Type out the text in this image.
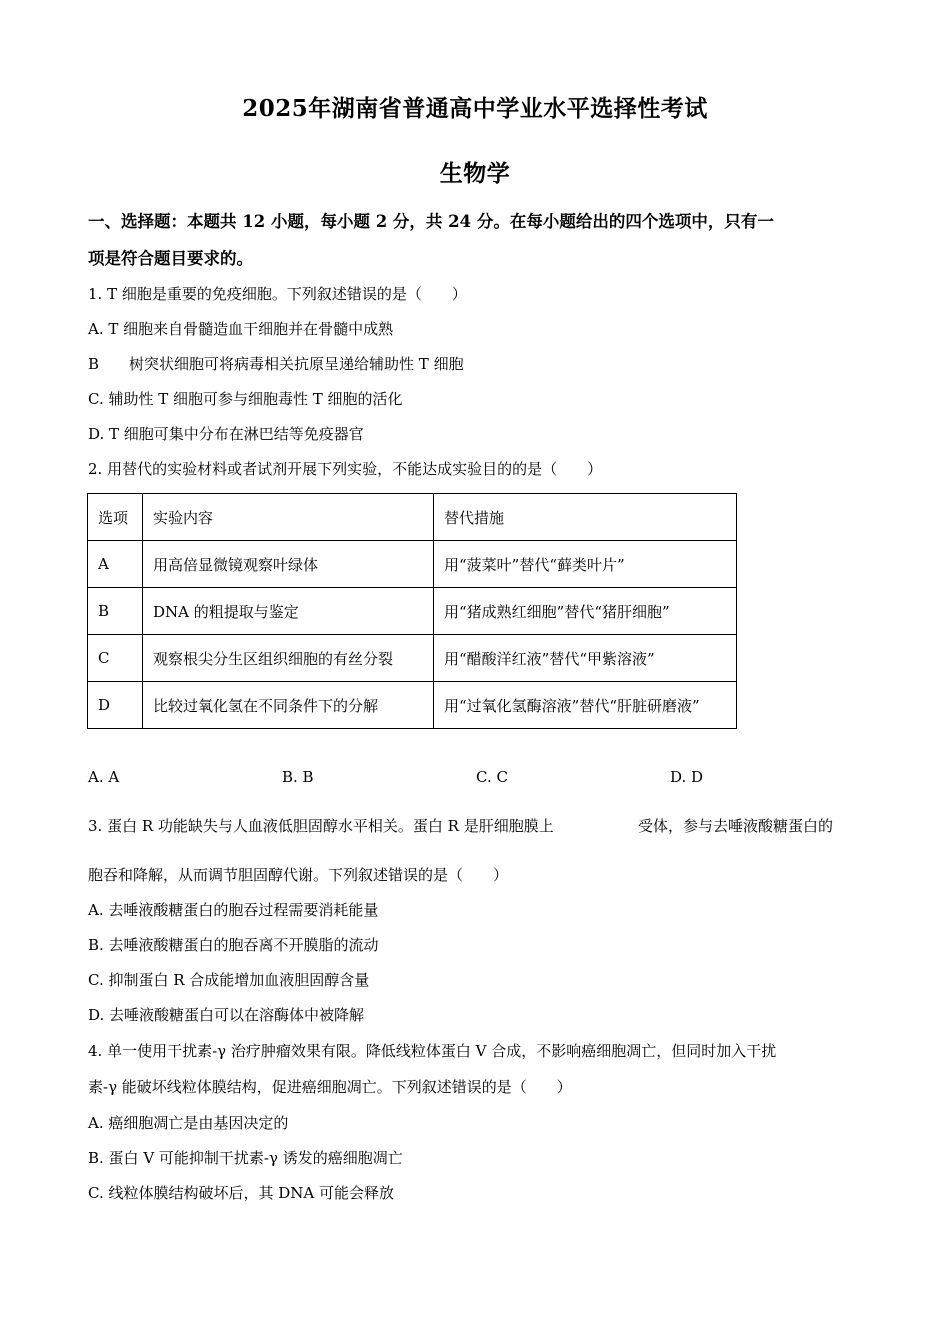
2025年湖南省普通高中学业水平选择性考试
生物学
一、选择题：本题共 12 小题，每小题 2 分，共 24 分。在每小题给出的四个选项中，只有一
项是符合题目要求的。
1. T 细胞是重要的免疫细胞。下列叙述错误的是（　　）
A. T 细胞来自骨髓造血干细胞并在骨髓中成熟
B　　树突状细胞可将病毒相关抗原呈递给辅助性 T 细胞
C. 辅助性 T 细胞可参与细胞毒性 T 细胞的活化
D. T 细胞可集中分布在淋巴结等免疫器官
2. 用替代的实验材料或者试剂开展下列实验，不能达成实验目的的是（　　）
选项	实验内容	替代措施
A	用高倍显微镜观察叶绿体	用“菠菜叶”替代“藓类叶片”
B	DNA 的粗提取与鉴定	用“猪成熟红细胞”替代“猪肝细胞”
C	观察根尖分生区组织细胞的有丝分裂	用“醋酸洋红液”替代“甲紫溶液”
D	比较过氧化氢在不同条件下的分解	用“过氧化氢酶溶液”替代“肝脏研磨液”
A. A	B. B	C. C	D. D
3. 蛋白 R 功能缺失与人血液低胆固醇水平相关。蛋白 R 是肝细胞膜上	受体，参与去唾液酸糖蛋白的
胞吞和降解，从而调节胆固醇代谢。下列叙述错误的是（　　）
A. 去唾液酸糖蛋白的胞吞过程需要消耗能量
B. 去唾液酸糖蛋白的胞吞离不开膜脂的流动
C. 抑制蛋白 R 合成能增加血液胆固醇含量
D. 去唾液酸糖蛋白可以在溶酶体中被降解
4. 单一使用干扰素-γ 治疗肿瘤效果有限。降低线粒体蛋白 V 合成，不影响癌细胞凋亡，但同时加入干扰
素-γ 能破坏线粒体膜结构，促进癌细胞凋亡。下列叙述错误的是（　　）
A. 癌细胞凋亡是由基因决定的
B. 蛋白 V 可能抑制干扰素-γ 诱发的癌细胞凋亡
C. 线粒体膜结构破坏后，其 DNA 可能会释放
